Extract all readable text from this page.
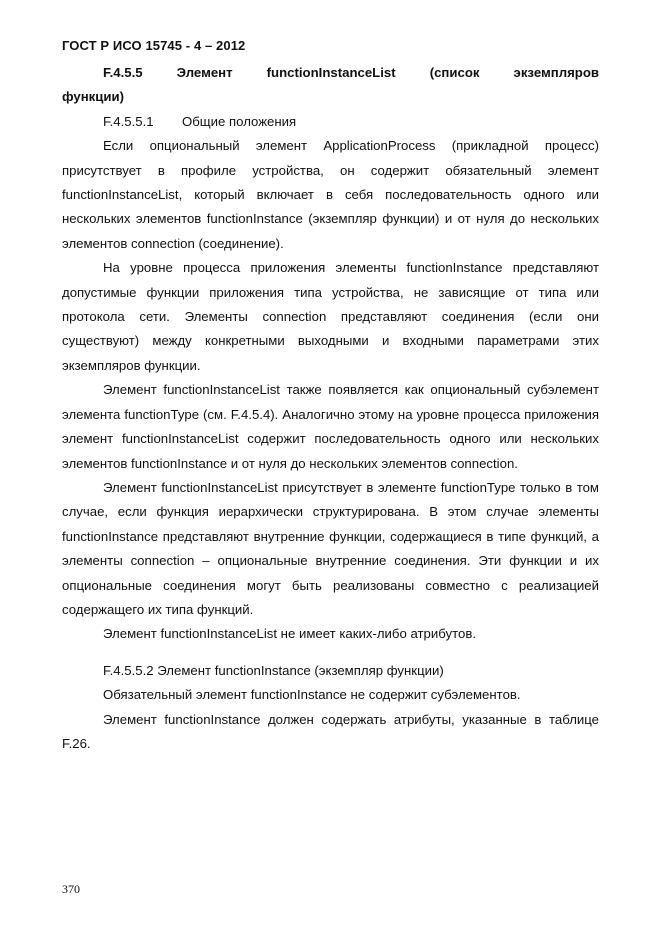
ГОСТ Р ИСО 15745 - 4 – 2012

F.4.5.5 Элемент functionInstanceList (список экземпляров

функции)

F.4.5.5.1 Общие положения

Если опциональный элемент ApplicationProcess (прикладной процесс) присутствует в профиле устройства, он содержит обязательный элемент functionInstanceList, который включает в себя последовательность одного или нескольких элементов functionInstance (экземпляр функции) и от нуля до нескольких элементов connection (соединение).

На уровне процесса приложения элементы functionInstance представляют допустимые функции приложения типа устройства, не зависящие от типа или протокола сети. Элементы connection представляют соединения (если они существуют) между конкретными выходными и входными параметрами этих экземпляров функции.

Элемент functionInstanceList также появляется как опциональный субэлемент элемента functionType (см. F.4.5.4). Аналогично этому на уровне процесса приложения элемент functionInstanceList содержит последовательность одного или нескольких элементов functionInstance и от нуля до нескольких элементов connection.

Элемент functionInstanceList присутствует в элементе functionType только в том случае, если функция иерархически структурирована. В этом случае элементы functionInstance представляют внутренние функции, содержащиеся в типе функций, а элементы connection – опциональные внутренние соединения. Эти функции и их опциональные соединения могут быть реализованы совместно с реализацией содержащего их типа функций.

Элемент functionInstanceList не имеет каких-либо атрибутов.

F.4.5.5.2 Элемент functionInstance (экземпляр функции)

Обязательный элемент functionInstance не содержит субэлементов.

Элемент functionInstance должен содержать атрибуты, указанные в таблице F.26.

370
